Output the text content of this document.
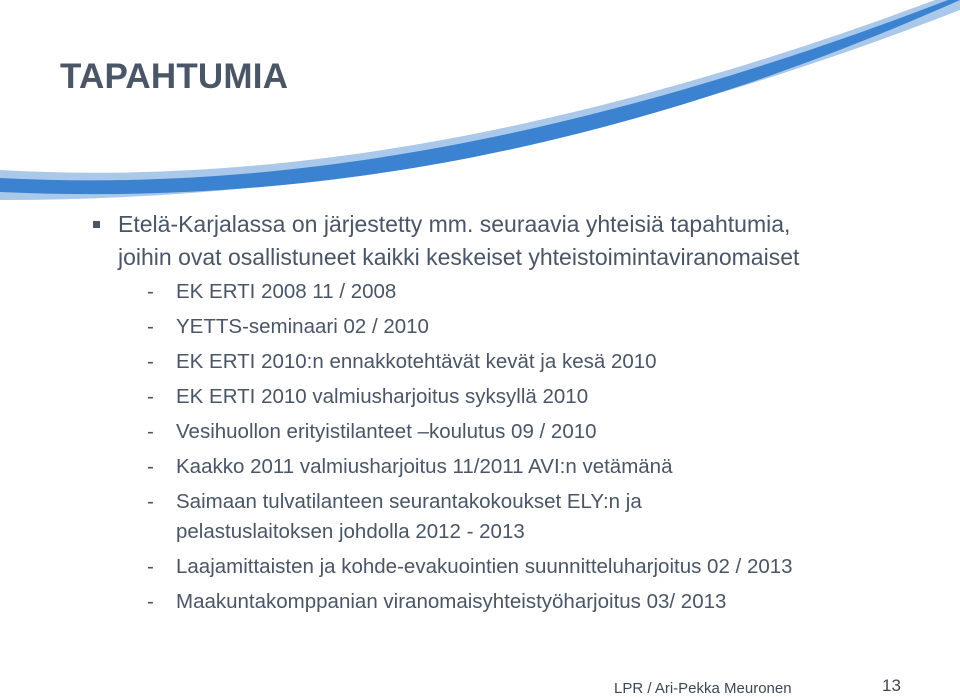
TAPAHTUMIA
Etelä-Karjalassa on järjestetty mm. seuraavia yhteisiä tapahtumia,
joihin ovat osallistuneet kaikki keskeiset yhteistoimintaviranomaiset
- EK ERTI 2008 11 / 2008
- YETTS-seminaari 02 / 2010
- EK ERTI 2010:n ennakkotehtävät kevät ja kesä 2010
- EK ERTI 2010 valmiusharjoitus syksyllä 2010
- Vesihuollon erityistilanteet –koulutus 09 / 2010
- Kaakko 2011 valmiusharjoitus 11/2011 AVI:n vetämänä
- Saimaan tulvatilanteen seurantakokoukset ELY:n ja
pelastuslaitoksen johdolla 2012 - 2013
- Laajamittaisten ja kohde-evakuointien suunnitteluharjoitus 02 / 2013
- Maakuntakomppanian viranomaisyhteistyöharjoitus 03/ 2013
LPR / Ari-Pekka Meuronen	13
